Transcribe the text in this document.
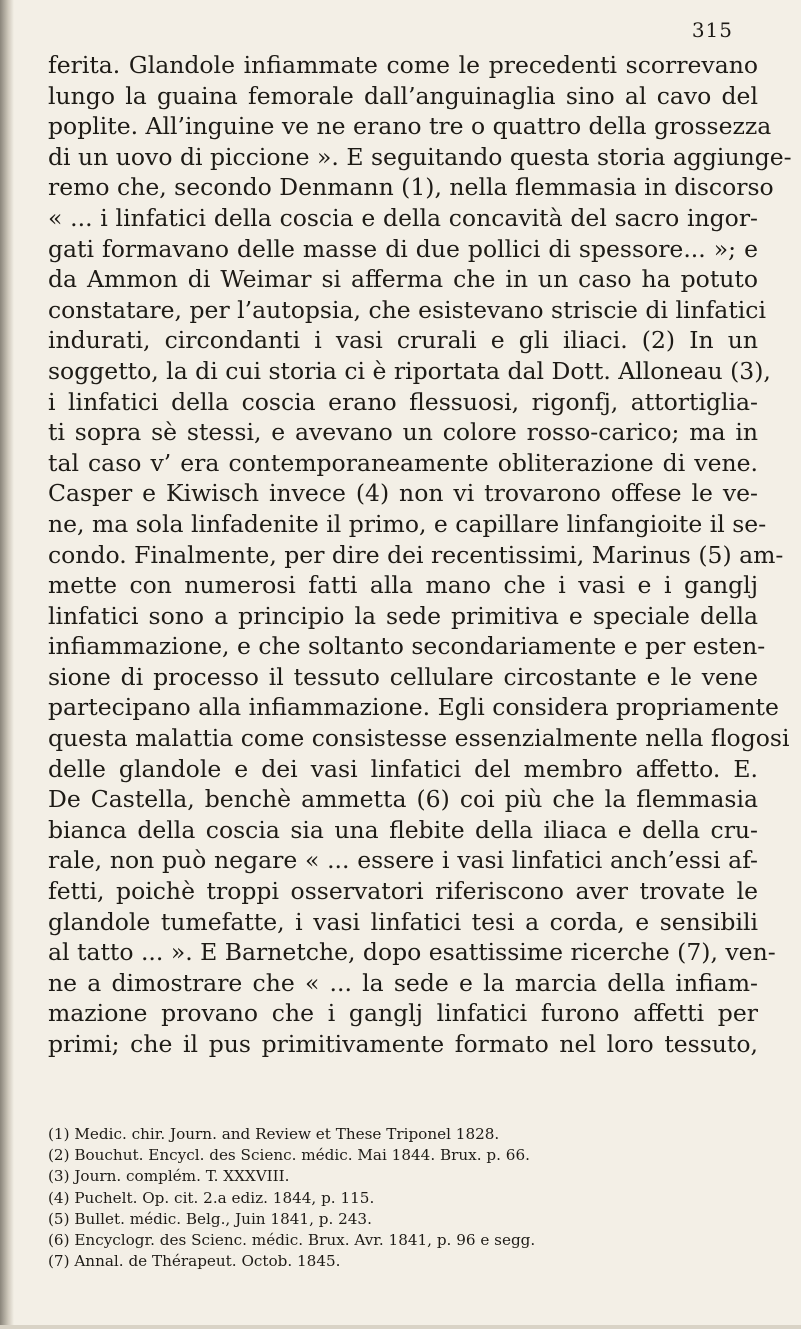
315
ferita. Glandole infiammate come le precedenti scorrevano
lungo la guaina femorale dall’anguinaglia sino al cavo del
poplite. All’inguine ve ne erano tre o quattro della grossezza
di un uovo di piccione ». E seguitando questa storia aggiunge-
remo che, secondo Denmann (1), nella flemmasia in discorso
« ... i linfatici della coscia e della concavità del sacro ingor-
gati formavano delle masse di due pollici di spessore... »; e
da Ammon di Weimar si afferma che in un caso ha potuto
constatare, per l’autopsia, che esistevano striscie di linfatici
indurati, circondanti i vasi crurali e gli iliaci. (2) In un
soggetto, la di cui storia ci è riportata dal Dott. Alloneau (3),
i linfatici della coscia erano flessuosi, rigonfj, attortiglia-
ti sopra sè stessi, e avevano un colore rosso-carico; ma in
tal caso v’ era contemporaneamente obliterazione di vene.
Casper e Kiwisch invece (4) non vi trovarono offese le ve-
ne, ma sola linfadenite il primo, e capillare linfangioite il se-
condo. Finalmente, per dire dei recentissimi, Marinus (5) am-
mette con numerosi fatti alla mano che i vasi e i ganglj
linfatici sono a principio la sede primitiva e speciale della
infiammazione, e che soltanto secondariamente e per esten-
sione di processo il tessuto cellulare circostante e le vene
partecipano alla infiammazione. Egli considera propriamente
questa malattia come consistesse essenzialmente nella flogosi
delle glandole e dei vasi linfatici del membro affetto. E.
De Castella, benchè ammetta (6) coi più che la flemmasia
bianca della coscia sia una flebite della iliaca e della cru-
rale, non può negare « ... essere i vasi linfatici anch’essi af-
fetti, poichè troppi osservatori riferiscono aver trovate le
glandole tumefatte, i vasi linfatici tesi a corda, e sensibili
al tatto ... ». E Barnetche, dopo esattissime ricerche (7), ven-
ne a dimostrare che « ... la sede e la marcia della infiam-
mazione provano che i ganglj linfatici furono affetti per
primi; che il pus primitivamente formato nel loro tessuto,
(1) Medic. chir. Journ. and Review et These Triponel 1828.
(2) Bouchut. Encycl. des Scienc. médic. Mai 1844. Brux. p. 66.
(3) Journ. complém. T. XXXVIII.
(4) Puchelt. Op. cit. 2.a ediz. 1844, p. 115.
(5) Bullet. médic. Belg., Juin 1841, p. 243.
(6) Encyclogr. des Scienc. médic. Brux. Avr. 1841, p. 96 e segg.
(7) Annal. de Thérapeut. Octob. 1845.
